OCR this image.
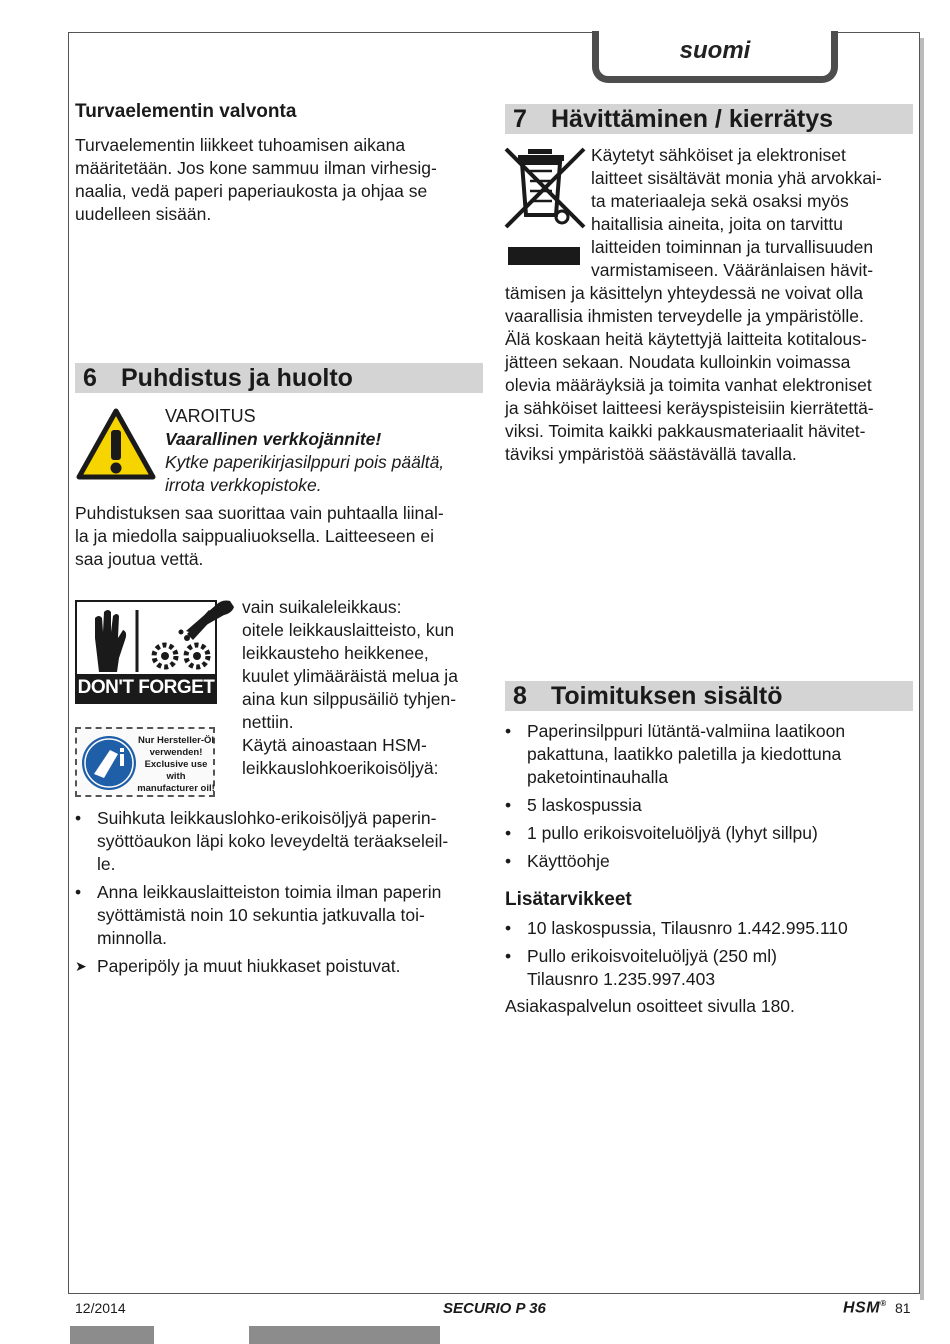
suomi
Turvaelementin valvonta
Turvaelementin liikkeet tuhoamisen aikana
määritetään. Jos kone sammuu ilman virhesig-
naalia, vedä paperi paperiaukosta ja ohjaa se
uudelleen sisään.
6 Puhdistus ja huolto
VAROITUS
Vaarallinen verkkojännite!
Kytke paperikirjasilppuri pois päältä,
irrota verkkopistoke.
Puhdistuksen saa suorittaa vain puhtaalla liinal-
la ja miedolla saippualiuoksella. Laitteeseen ei
saa joutua vettä.
DON'T FORGET
Nur Hersteller-Öl
verwenden!
Exclusive use with
manufacturer oil!
vain suikaleleikkaus:
oitele leikkauslaitteisto, kun
leikkausteho heikkenee,
kuulet ylimääräistä melua ja
aina kun silppusäiliö tyhjen-
nettiin.
Käytä ainoastaan HSM-
leikkauslohkoerikoisöljyä:
• Suihkuta leikkauslohko-erikoisöljyä paperin-
syöttöaukon läpi koko leveydeltä teräakseleil-
le.
• Anna leikkauslaitteiston toimia ilman paperin
syöttämistä noin 10 sekuntia jatkuvalla toi-
minnolla.
➤ Paperipöly ja muut hiukkaset poistuvat.
7 Hävittäminen / kierrätys
Käytetyt sähköiset ja elektroniset
laitteet sisältävät monia yhä arvokkai-
ta materiaaleja sekä osaksi myös
haitallisia aineita, joita on tarvittu
laitteiden toiminnan ja turvallisuuden
varmistamiseen. Vääränlaisen hävit-
tämisen ja käsittelyn yhteydessä ne voivat olla
vaarallisia ihmisten terveydelle ja ympäristölle.
Älä koskaan heitä käytettyjä laitteita kotitalous-
jätteen sekaan. Noudata kulloinkin voimassa
olevia määräyksiä ja toimita vanhat elektroniset
ja sähköiset laitteesi keräyspisteisiin kierrätettä-
viksi. Toimita kaikki pakkausmateriaalit hävitet-
täviksi ympäristöä säästävällä tavalla.
8 Toimituksen sisältö
• Paperinsilppuri lütäntä-valmiina laatikoon
pakattuna, laatikko paletilla ja kiedottuna
paketointinauhalla
• 5 laskospussia
• 1 pullo erikoisvoiteluöljyä (lyhyt sillpu)
• Käyttöohje
Lisätarvikkeet
• 10 laskospussia, Tilausnro 1.442.995.110
• Pullo erikoisvoiteluöljyä (250 ml)
Tilausnro 1.235.997.403
Asiakaspalvelun osoitteet sivulla 180.
12/2014	SECURIO P 36	HSM® 81
